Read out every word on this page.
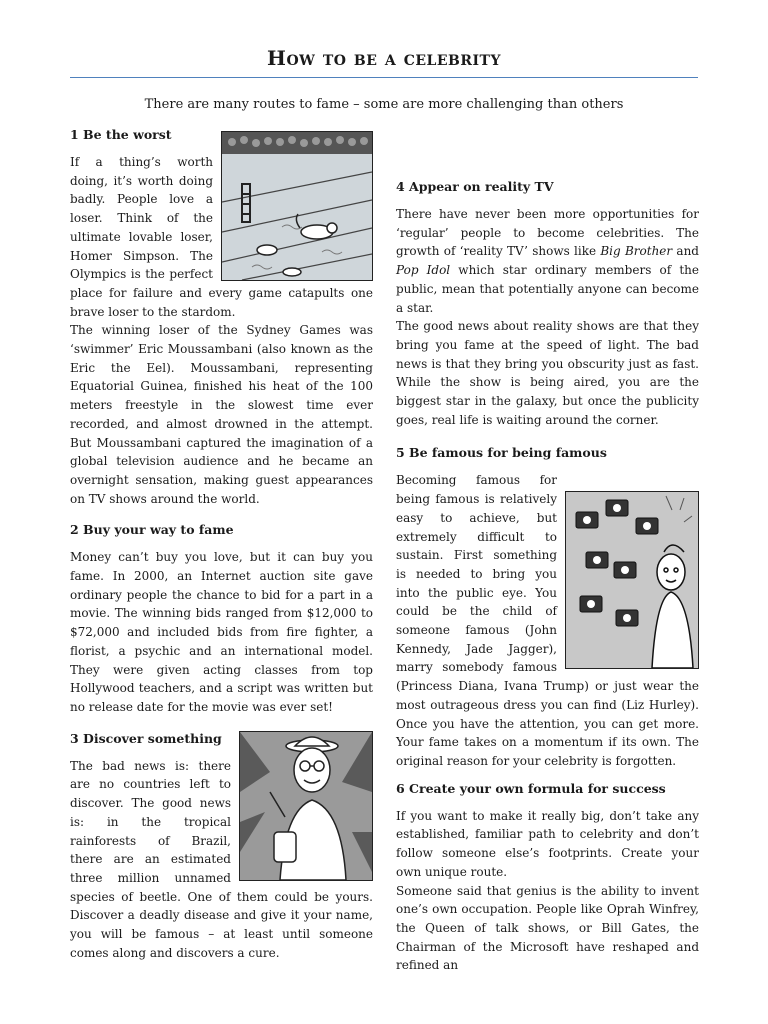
How to be a celebrity

There are many routes to fame – some are more challenging than others

1 Be the worst

If a thing’s worth doing, it’s worth doing badly. People love a loser. Think of the ultimate lovable loser, Homer Simpson. The Olympics is the perfect place for failure and every game catapults one brave loser to the stardom.

The winning loser of the Sydney Games was ‘swimmer’ Eric Moussambani (also known as the Eric the Eel). Moussambani, representing Equatorial Guinea, finished his heat of the 100 meters freestyle in the slowest time ever recorded, and almost drowned in the attempt. But Moussambani captured the imagination of a global television audience and he became an overnight sensation, making guest appearances on TV shows around the world.

2 Buy your way to fame

Money can’t buy you love, but it can buy you fame. In 2000, an Internet auction site gave ordinary people the chance to bid for a part in a movie. The winning bids ranged from $12,000 to $72,000 and included bids from fire fighter, a florist, a psychic and an international model. They were given acting classes from top Hollywood teachers, and a script was written but no release date for the movie was ever set!

3 Discover something

The bad news is: there are no countries left to discover. The good news is: in the tropical rainforests of Brazil, there are an estimated three million unnamed species of beetle. One of them could be yours. Discover a deadly disease and give it your name, you will be famous – at least until someone comes along and discovers a cure.

4 Appear on reality TV

There have never been more opportunities for ‘regular’ people to become celebrities. The growth of ‘reality TV’ shows like Big Brother and Pop Idol which star ordinary members of the public, mean that potentially anyone can become a star.

The good news about reality shows are that they bring you fame at the speed of light. The bad news is that they bring you obscurity just as fast. While the show is being aired, you are the biggest star in the galaxy, but once the publicity goes, real life is waiting around the corner.

5 Be famous for being famous

Becoming famous for being famous is relatively easy to achieve, but extremely difficult to sustain. First something is needed to bring you into the public eye. You could be the child of someone famous (John Kennedy, Jade Jagger), marry somebody famous (Princess Diana, Ivana Trump) or just wear the most outrageous dress you can find (Liz Hurley). Once you have the attention, you can get more. Your fame takes on a momentum if its own. The original reason for your celebrity is forgotten.

6 Create your own formula for success

If you want to make it really big, don’t take any established, familiar path to celebrity and don’t follow someone else’s footprints. Create your own unique route.

Someone said that genius is the ability to invent one’s own occupation. People like Oprah Winfrey, the Queen of talk shows, or Bill Gates, the Chairman of the Microsoft have reshaped and refined an
